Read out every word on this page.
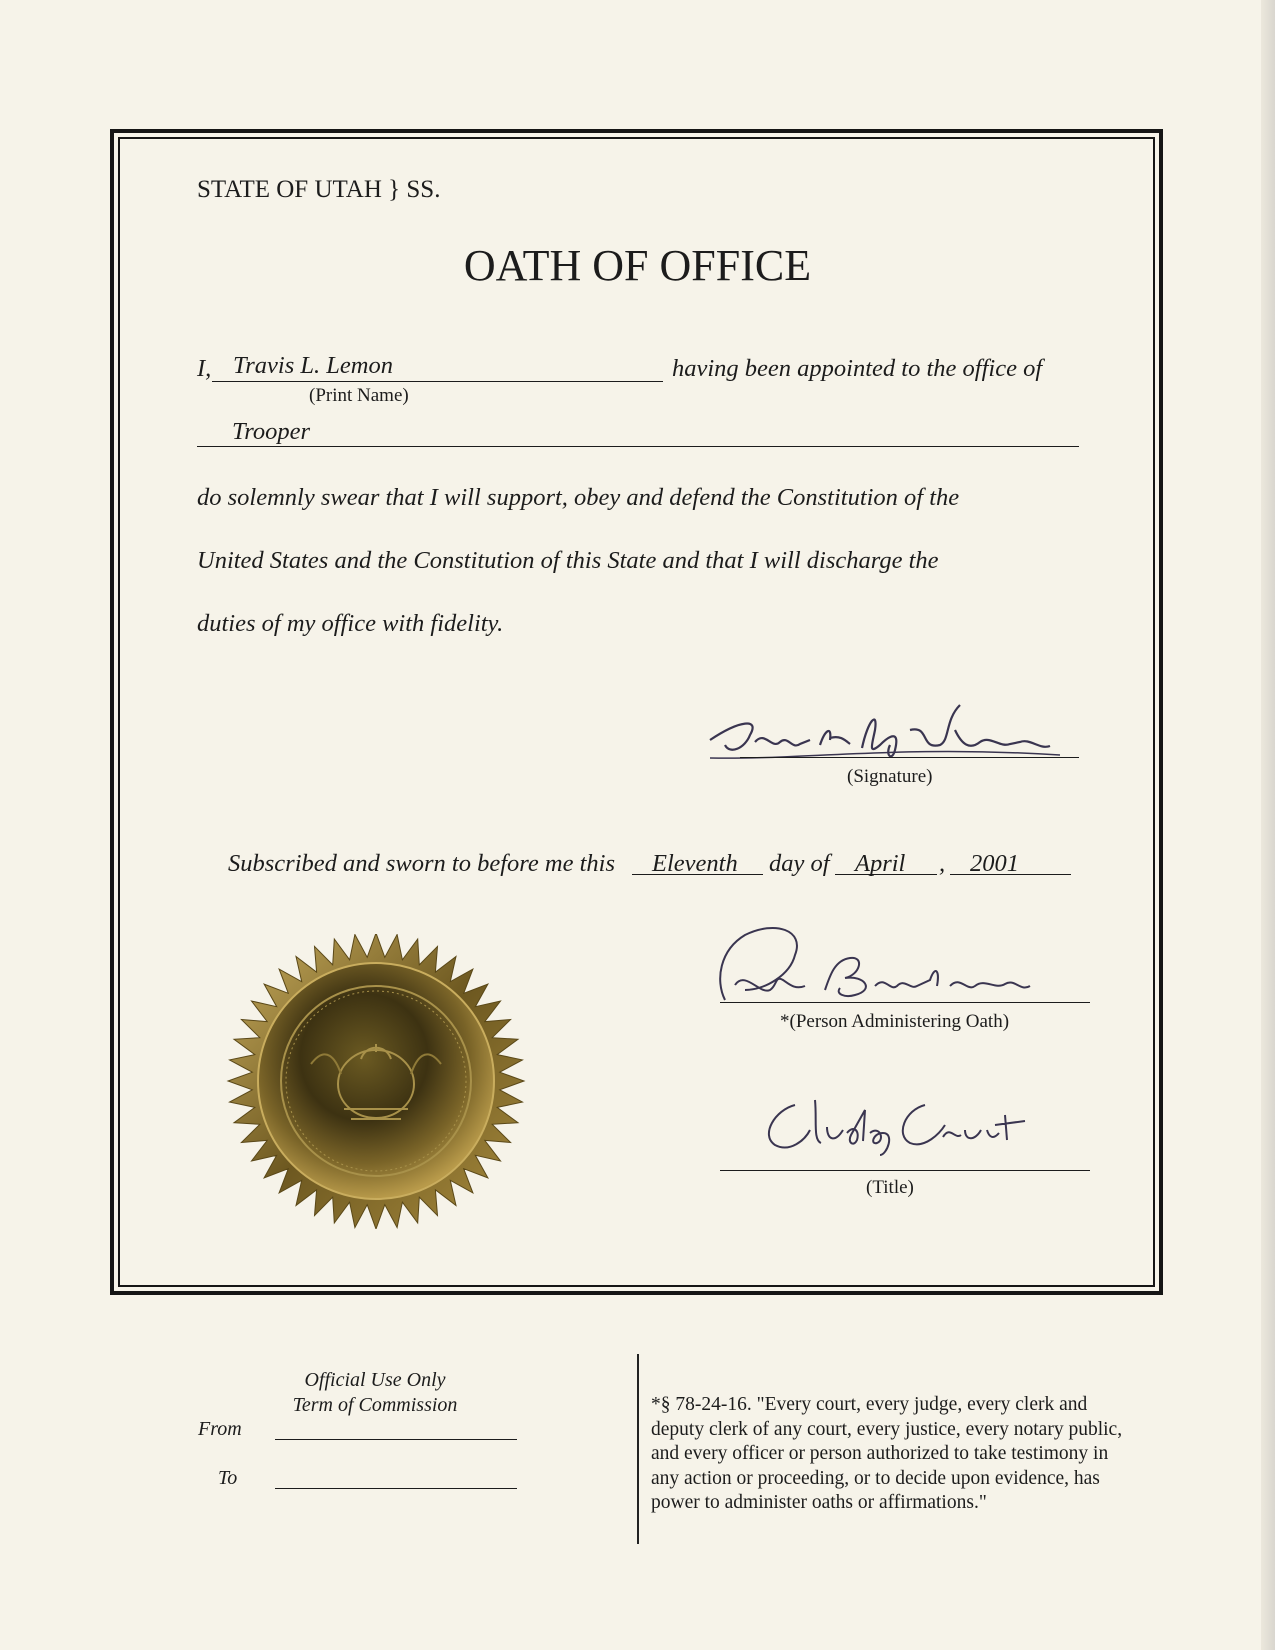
STATE OF UTAH } SS.
OATH OF OFFICE
I, Travis L. Lemon	having been appointed to the office of
(Print Name)
Trooper
do solemnly swear that I will support, obey and defend the Constitution of the
United States and the Constitution of this State and that I will discharge the
duties of my office with fidelity.
(Signature)
Subscribed and sworn to before me this Eleventh day of April , 2001
*(Person Administering Oath)
(Title)
Official Use Only
Term of Commission
From
To
*§ 78-24-16. "Every court, every judge, every clerk and deputy clerk of any court, every justice, every notary public, and every officer or person authorized to take testimony in any action or proceeding, or to decide upon evidence, has power to administer oaths or affirmations."
